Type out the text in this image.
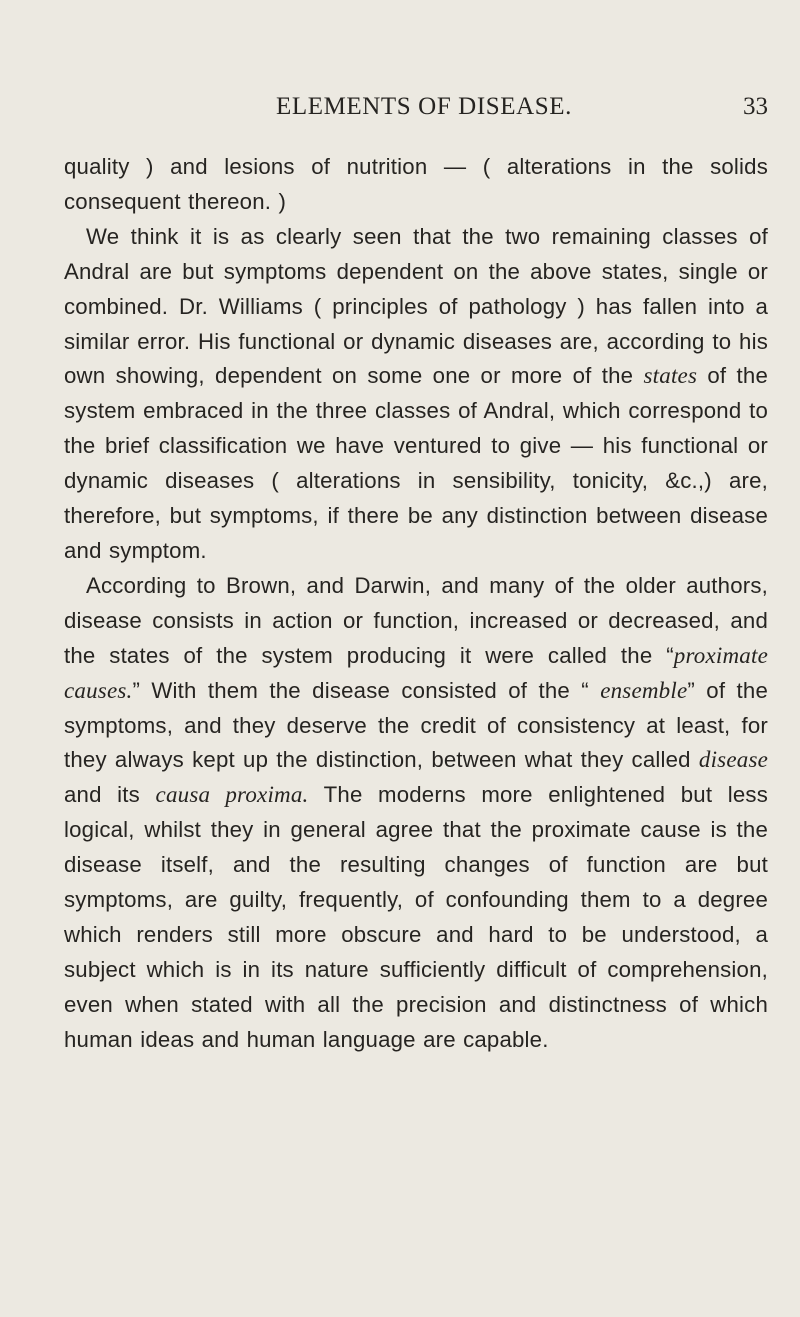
ELEMENTS OF DISEASE.	33

quality ) and lesions of nutrition — ( alterations in the solids consequent thereon. )

We think it is as clearly seen that the two remaining classes of Andral are but symptoms dependent on the above states, single or combined. Dr. Williams ( principles of pathology ) has fallen into a similar error. His functional or dynamic diseases are, according to his own showing, dependent on some one or more of the states of the system embraced in the three classes of Andral, which correspond to the brief classification we have ventured to give — his functional or dynamic diseases ( alterations in sensibility, tonicity, &c.,) are, therefore, but symptoms, if there be any distinction between disease and symptom.

According to Brown, and Darwin, and many of the older authors, disease consists in action or function, increased or decreased, and the states of the system producing it were called the “proximate causes.” With them the disease consisted of the “ ensemble” of the symptoms, and they deserve the credit of consistency at least, for they always kept up the distinction, between what they called disease and its causa proxima. The moderns more enlightened but less logical, whilst they in general agree that the proximate cause is the disease itself, and the resulting changes of function are but symptoms, are guilty, frequently, of confounding them to a degree which renders still more obscure and hard to be understood, a subject which is in its nature sufficiently difficult of comprehension, even when stated with all the precision and distinctness of which human ideas and human language are capable.
